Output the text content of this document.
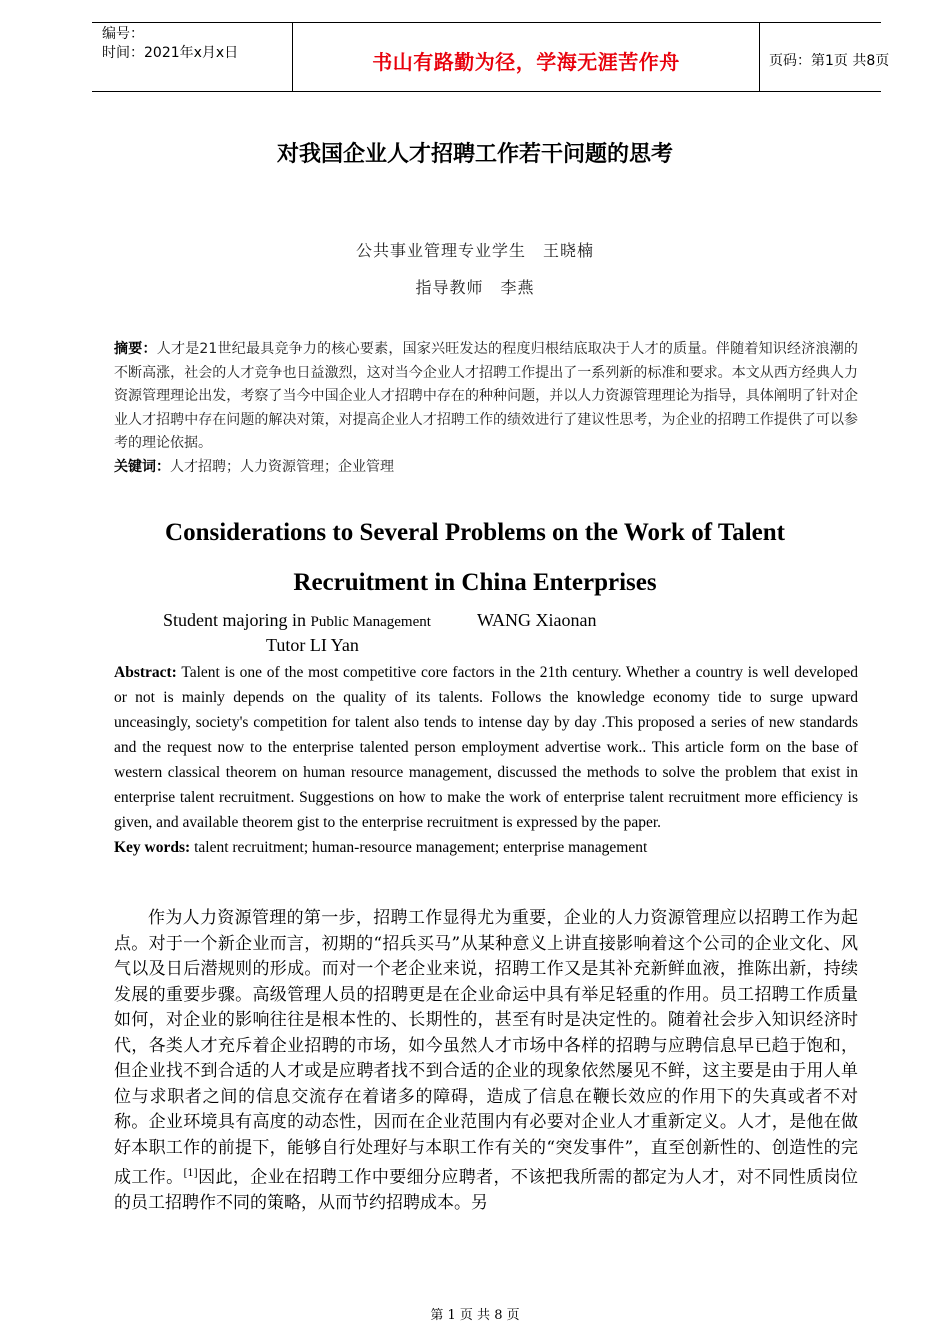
编号：
时间：2021年x月x日	书山有路勤为径，学海无涯苦作舟	页码：第1页 共8页
对我国企业人才招聘工作若干问题的思考
公共事业管理专业学生　王晓楠
指导教师　李燕
摘要：人才是21世纪最具竞争力的核心要素，国家兴旺发达的程度归根结底取决于人才的质量。伴随着知识经济浪潮的不断高涨，社会的人才竞争也日益激烈，这对当今企业人才招聘工作提出了一系列新的标准和要求。本文从西方经典人力资源管理理论出发，考察了当今中国企业人才招聘中存在的种种问题，并以人力资源管理理论为指导，具体阐明了针对企业人才招聘中存在问题的解决对策，对提高企业人才招聘工作的绩效进行了建议性思考，为企业的招聘工作提供了可以参考的理论依据。
关键词：人才招聘；人力资源管理；企业管理
Considerations to Several Problems on the Work of Talent
Recruitment in China Enterprises
Student majoring in Public Management	WANG Xiaonan
Tutor LI Yan
Abstract: Talent is one of the most competitive core factors in the 21th century. Whether a country is well developed or not is mainly depends on the quality of its talents. Follows the knowledge economy tide to surge upward unceasingly, society's competition for talent also tends to intense day by day .This proposed a series of new standards and the request now to the enterprise talented person employment advertise work.. This article form on the base of western classical theorem on human resource management, discussed the methods to solve the problem that exist in enterprise talent recruitment. Suggestions on how to make the work of enterprise talent recruitment more efficiency is given, and available theorem gist to the enterprise recruitment is expressed by the paper.
Key words: talent recruitment; human-resource management; enterprise management
作为人力资源管理的第一步，招聘工作显得尤为重要，企业的人力资源管理应以招聘工作为起点。对于一个新企业而言，初期的“招兵买马”从某种意义上讲直接影响着这个公司的企业文化、风气以及日后潜规则的形成。而对一个老企业来说，招聘工作又是其补充新鲜血液，推陈出新，持续发展的重要步骤。高级管理人员的招聘更是在企业命运中具有举足轻重的作用。员工招聘工作质量如何，对企业的影响往往是根本性的、长期性的，甚至有时是决定性的。随着社会步入知识经济时代，各类人才充斥着企业招聘的市场，如今虽然人才市场中各样的招聘与应聘信息早已趋于饱和，但企业找不到合适的人才或是应聘者找不到合适的企业的现象依然屡见不鲜，这主要是由于用人单位与求职者之间的信息交流存在着诸多的障碍，造成了信息在鞭长效应的作用下的失真或者不对称。企业环境具有高度的动态性，因而在企业范围内有必要对企业人才重新定义。人才，是他在做好本职工作的前提下，能够自行处理好与本职工作有关的“突发事件”，直至创新性的、创造性的完成工作。[1]因此，企业在招聘工作中要细分应聘者，不该把我所需的都定为人才，对不同性质岗位的员工招聘作不同的策略，从而节约招聘成本。另
第 1 页 共 8 页
